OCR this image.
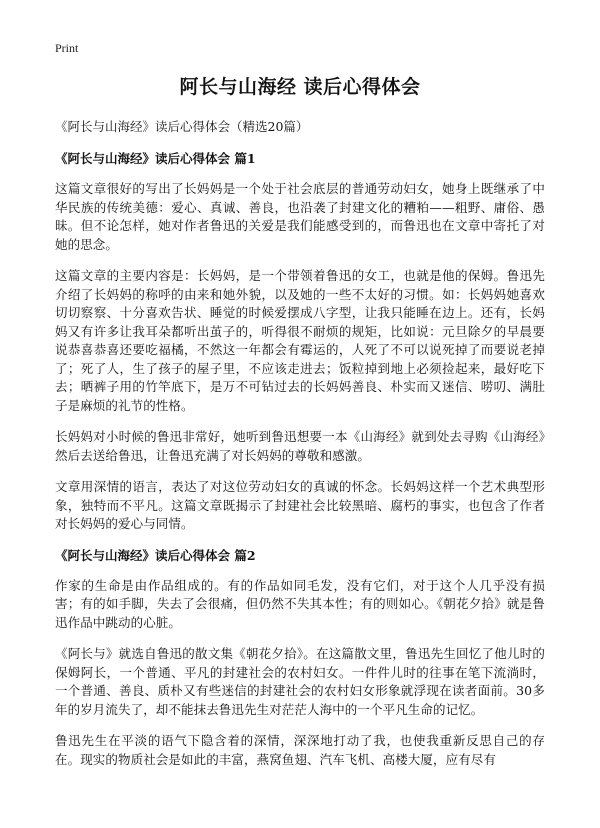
Print
阿长与山海经 读后心得体会
《阿长与山海经》读后心得体会（精选20篇）
《阿长与山海经》读后心得体会 篇1

这篇文章很好的写出了长妈妈是一个处于社会底层的普通劳动妇女，她身上既继承了中华民族的传统美德：爱心、真诚、善良，也沿袭了封建文化的糟粕——粗野、庸俗、愚昧。但不论怎样，她对作者鲁迅的关爱是我们能感受到的，而鲁迅也在文章中寄托了对她的思念。

这篇文章的主要内容是：长妈妈，是一个带领着鲁迅的女工，也就是他的保姆。鲁迅先介绍了长妈妈的称呼的由来和她外貌，以及她的一些不太好的习惯。如：长妈妈她喜欢切切察察、十分喜欢告状、睡觉的时候爱摆成八字型，让我只能睡在边上。还有，长妈妈又有许多让我耳朵都听出茧子的，听得很不耐烦的规矩，比如说：元旦除夕的早晨要说恭喜恭喜还要吃福橘，不然这一年都会有霉运的，人死了不可以说死掉了而要说老掉了；死了人，生了孩子的屋子里，不应该走进去；饭粒掉到地上必须捡起来，最好吃下去；晒裤子用的竹竿底下，是万不可钻过去的长妈妈善良、朴实而又迷信、唠叨、满肚子是麻烦的礼节的性格。

长妈妈对小时候的鲁迅非常好，她听到鲁迅想要一本《山海经》就到处去寻购《山海经》然后去送给鲁迅，让鲁迅充满了对长妈妈的尊敬和感激。

文章用深情的语言，表达了对这位劳动妇女的真诚的怀念。长妈妈这样一个艺术典型形象，独特而不平凡。这篇文章既揭示了封建社会比较黑暗、腐朽的事实，也包含了作者对长妈妈的爱心与同情。

《阿长与山海经》读后心得体会 篇2

作家的生命是由作品组成的。有的作品如同毛发，没有它们，对于这个人几乎没有损害；有的如手脚，失去了会很痛，但仍然不失其本性；有的则如心。《朝花夕拾》就是鲁迅作品中跳动的心脏。

《阿长与》就选自鲁迅的散文集《朝花夕拾》。在这篇散文里，鲁迅先生回忆了他儿时的保姆阿长，一个普通、平凡的封建社会的农村妇女。一件件儿时的往事在笔下流淌时，一个普通、善良、质朴又有些迷信的封建社会的农村妇女形象就浮现在读者面前。30多年的岁月流失了，却不能抹去鲁迅先生对茫茫人海中的一个平凡生命的记忆。

鲁迅先生在平淡的语气下隐含着的深情，深深地打动了我，也使我重新反思自己的存在。现实的物质社会是如此的丰富，燕窝鱼翅、汽车飞机、高楼大厦，应有尽有
